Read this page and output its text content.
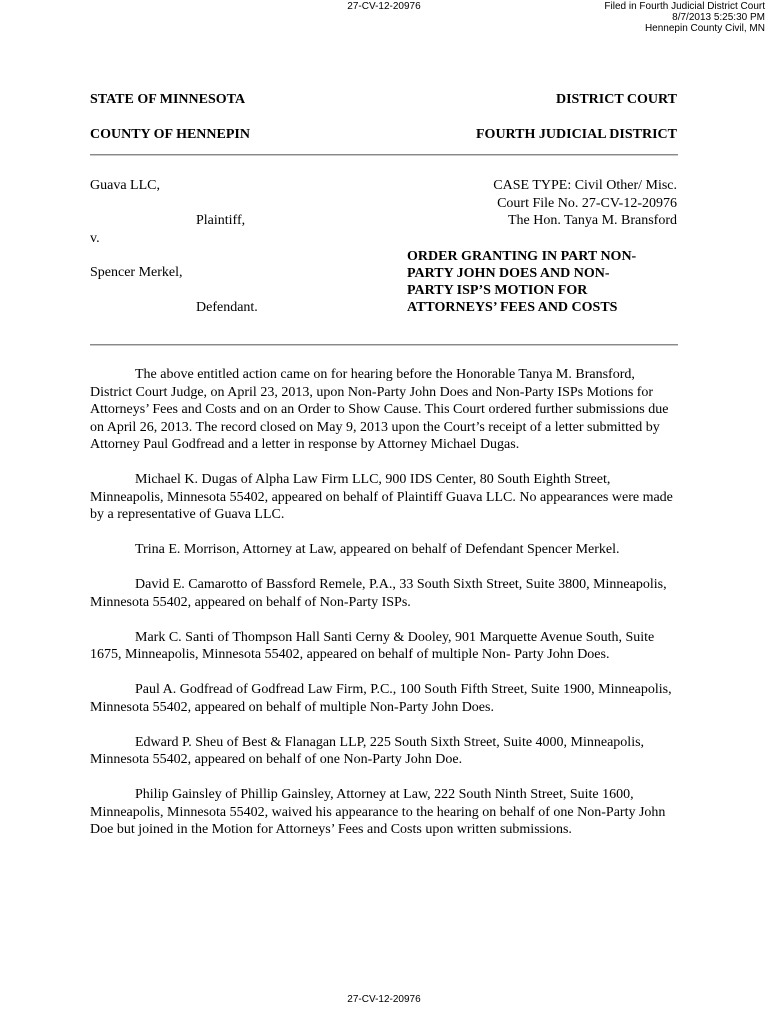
27-CV-12-20976	Filed in Fourth Judicial District Court
8/7/2013 5:25:30 PM
Hennepin County Civil, MN
STATE OF MINNESOTA	DISTRICT COURT
COUNTY OF HENNEPIN	FOURTH JUDICIAL DISTRICT
Guava LLC,
Plaintiff,
v.
Spencer Merkel,
Defendant.
CASE TYPE: Civil Other/ Misc.
Court File No. 27-CV-12-20976
The Hon. Tanya M. Bransford
ORDER GRANTING IN PART NON-
PARTY JOHN DOES AND NON-
PARTY ISP’S MOTION FOR
ATTORNEYS’ FEES AND COSTS

The above entitled action came on for hearing before the Honorable Tanya M. Bransford, District Court Judge, on April 23, 2013, upon Non-Party John Does and Non-Party ISPs Motions for Attorneys’ Fees and Costs and on an Order to Show Cause. This Court ordered further submissions due on April 26, 2013. The record closed on May 9, 2013 upon the Court’s receipt of a letter submitted by Attorney Paul Godfread and a letter in response by Attorney Michael Dugas.

Michael K. Dugas of Alpha Law Firm LLC, 900 IDS Center, 80 South Eighth Street, Minneapolis, Minnesota 55402, appeared on behalf of Plaintiff Guava LLC. No appearances were made by a representative of Guava LLC.

Trina E. Morrison, Attorney at Law, appeared on behalf of Defendant Spencer Merkel.

David E. Camarotto of Bassford Remele, P.A., 33 South Sixth Street, Suite 3800, Minneapolis, Minnesota 55402, appeared on behalf of Non-Party ISPs.

Mark C. Santi of Thompson Hall Santi Cerny & Dooley, 901 Marquette Avenue South, Suite 1675, Minneapolis, Minnesota 55402, appeared on behalf of multiple Non- Party John Does.

Paul A. Godfread of Godfread Law Firm, P.C., 100 South Fifth Street, Suite 1900, Minneapolis, Minnesota 55402, appeared on behalf of multiple Non-Party John Does.

Edward P. Sheu of Best & Flanagan LLP, 225 South Sixth Street, Suite 4000, Minneapolis, Minnesota 55402, appeared on behalf of one Non-Party John Doe.

Philip Gainsley of Phillip Gainsley, Attorney at Law, 222 South Ninth Street, Suite 1600, Minneapolis, Minnesota 55402, waived his appearance to the hearing on behalf of one Non-Party John Doe but joined in the Motion for Attorneys’ Fees and Costs upon written submissions.

27-CV-12-20976
